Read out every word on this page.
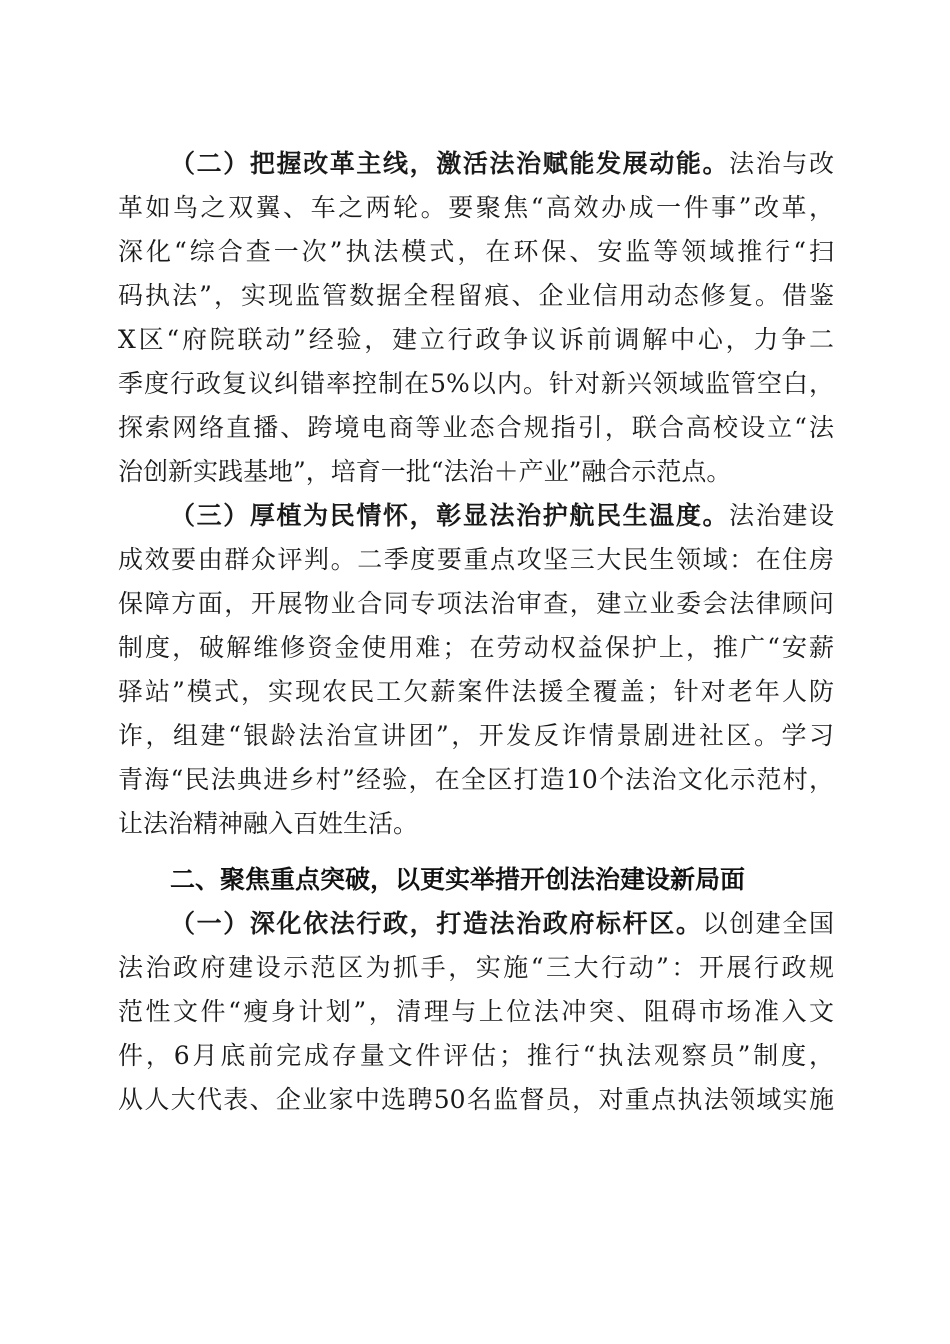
（二）把握改革主线，激活法治赋能发展动能。法治与改
革如鸟之双翼、车之两轮。要聚焦“高效办成一件事”改革，
深化“综合查一次”执法模式，在环保、安监等领域推行“扫
码执法”，实现监管数据全程留痕、企业信用动态修复。借鉴
X区“府院联动”经验，建立行政争议诉前调解中心，力争二
季度行政复议纠错率控制在5%以内。针对新兴领域监管空白，
探索网络直播、跨境电商等业态合规指引，联合高校设立“法
治创新实践基地”，培育一批“法治＋产业”融合示范点。
（三）厚植为民情怀，彰显法治护航民生温度。法治建设
成效要由群众评判。二季度要重点攻坚三大民生领域：在住房
保障方面，开展物业合同专项法治审查，建立业委会法律顾问
制度，破解维修资金使用难；在劳动权益保护上，推广“安薪
驿站”模式，实现农民工欠薪案件法援全覆盖；针对老年人防
诈，组建“银龄法治宣讲团”，开发反诈情景剧进社区。学习
青海“民法典进乡村”经验，在全区打造10个法治文化示范村，
让法治精神融入百姓生活。
二、聚焦重点突破，以更实举措开创法治建设新局面
（一）深化依法行政，打造法治政府标杆区。以创建全国
法治政府建设示范区为抓手，实施“三大行动”：开展行政规
范性文件“瘦身计划”，清理与上位法冲突、阻碍市场准入文
件，6月底前完成存量文件评估；推行“执法观察员”制度，
从人大代表、企业家中选聘50名监督员，对重点执法领域实施
